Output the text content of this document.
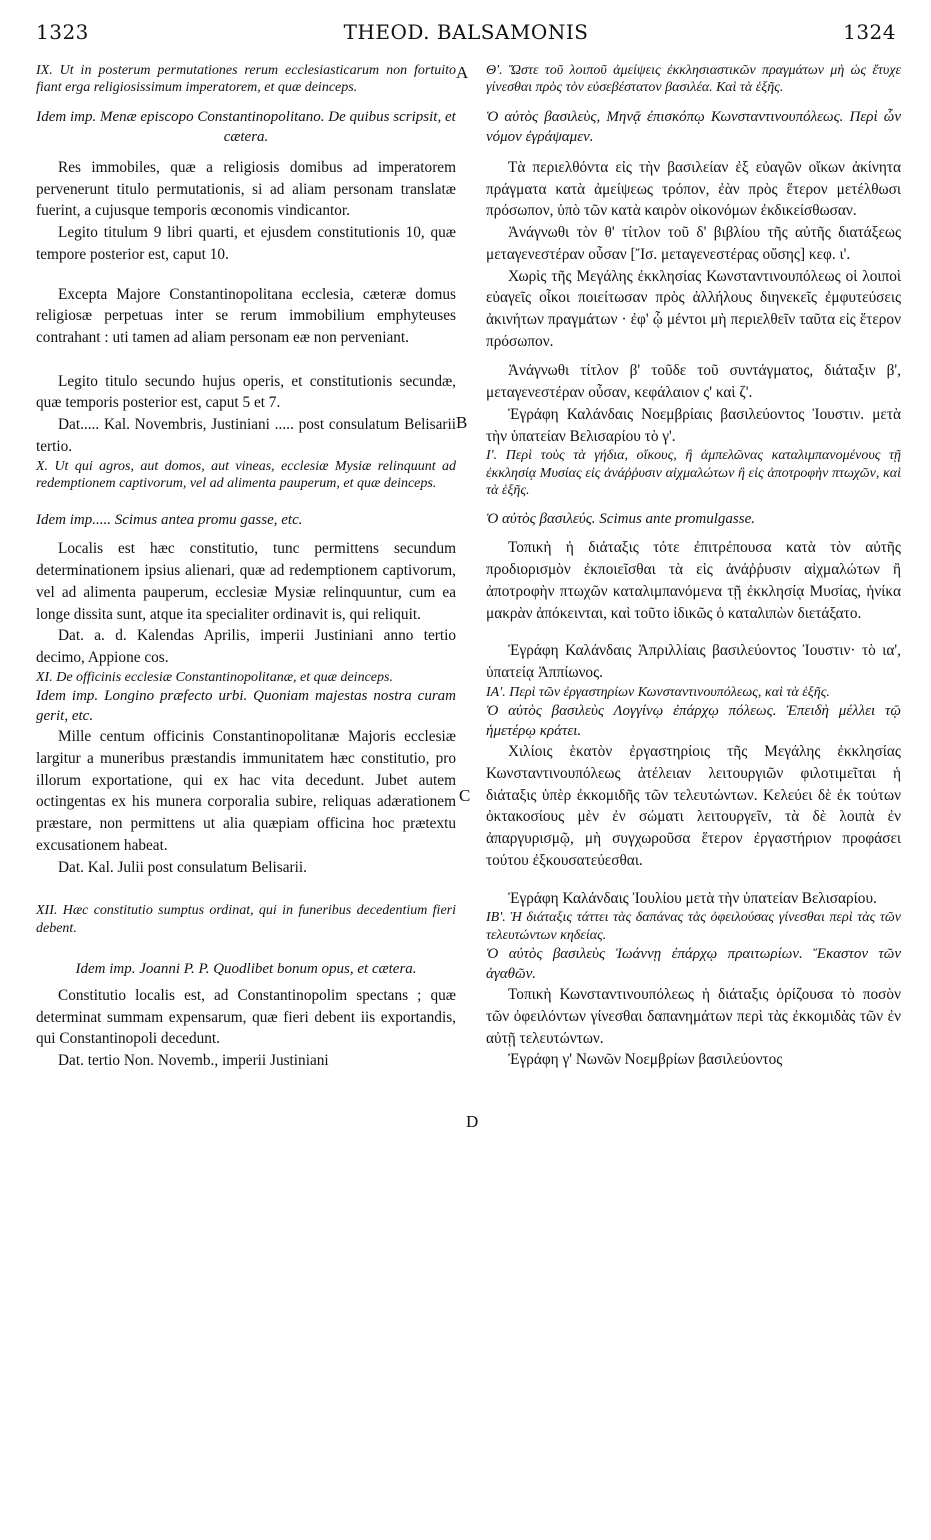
1323	THEOD. BALSAMONIS	1324
A
B
C
D

IX. Ut in posterum permutationes rerum ecclesiasticarum non fortuito fiant erga religiosissimum imperatorem, et quæ deinceps.

Idem imp. Menæ episcopo Constantinopolitano. De quibus scripsit, et cætera.

Res immobiles, quæ a religiosis domibus ad imperatorem pervenerunt titulo permutationis, si ad aliam personam translatæ fuerint, a cujusque temporis œconomis vindicantor.

Legito titulum 9 libri quarti, et ejusdem constitutionis 10, quæ tempore posterior est, caput 10.

Excepta Majore Constantinopolitana ecclesia, cæteræ domus religiosæ perpetuas inter se rerum immobilium emphyteuses contrahant : uti tamen ad aliam personam eæ non perveniant.

Legito titulo secundo hujus operis, et constitutionis secundæ, quæ temporis posterior est, caput 5 et 7.

Dat..... Kal. Novembris, Justiniani ..... post consulatum Belisarii tertio.

X. Ut qui agros, aut domos, aut vineas, ecclesiæ Mysiæ relinquunt ad redemptionem captivorum, vel ad alimenta pauperum, et quæ deinceps.

Idem imp..... Scimus antea promu gasse, etc.

Localis est hæc constitutio, tunc permittens secundum determinationem ipsius alienari, quæ ad redemptionem captivorum, vel ad alimenta pauperum, ecclesiæ Mysiæ relinquuntur, cum ea longe dissita sunt, atque ita specialiter ordinavit is, qui reliquit.

Dat. a. d. Kalendas Aprilis, imperii Justiniani anno tertio decimo, Appione cos.

XI. De officinis ecclesiæ Constantinopolitanæ, et quæ deinceps.

Idem imp. Longino præfecto urbi. Quoniam majestas nostra curam gerit, etc.

Mille centum officinis Constantinopolitanæ Majoris ecclesiæ largitur a muneribus præstandis immunitatem hæc constitutio, pro illorum exportatione, qui ex hac vita decedunt. Jubet autem octingentas ex his munera corporalia subire, reliquas adærationem præstare, non permittens ut alia quæpiam officina hoc prætextu excusationem habeat.

Dat. Kal. Julii post consulatum Belisarii.

XII. Hæc constitutio sumptus ordinat, qui in funeribus decedentium fieri debent.

Idem imp. Joanni P. P. Quodlibet bonum opus, et cætera.

Constitutio localis est, ad Constantinopolim spectans ; quæ determinat summam expensarum, quæ fieri debent iis exportandis, qui Constantinopoli decedunt.

Dat. tertio Non. Novemb., imperii Justiniani

Θ'. Ὥστε τοῦ λοιποῦ ἀμείψεις ἐκκλησιαστικῶν πραγμάτων μὴ ὡς ἔτυχε γίνεσθαι πρὸς τὸν εὐσεβέστατον βασιλέα. Καὶ τὰ ἑξῆς.

Ὁ αὐτὸς βασιλεὺς, Μηνᾷ ἐπισκόπῳ Κωνσταντινουπόλεως. Περὶ ὧν νόμον ἐγράψαμεν.

Τὰ περιελθόντα εἰς τὴν βασιλείαν ἐξ εὐαγῶν οἴκων ἀκίνητα πράγματα κατὰ ἀμείψεως τρόπον, ἐὰν πρὸς ἕτερον μετέλθωσι πρόσωπον, ὑπὸ τῶν κατὰ καιρὸν οἰκονόμων ἐκδικείσθωσαν.

Ἀνάγνωθι τὸν θ' τίτλον τοῦ δ' βιβλίου τῆς αὐτῆς διατάξεως μεταγενεστέραν οὖσαν [Ἴσ. μεταγενεστέρας οὔσης] κεφ. ι'.

Χωρὶς τῆς Μεγάλης ἐκκλησίας Κωνσταντινουπόλεως οἱ λοιποὶ εὐαγεῖς οἶκοι ποιείτωσαν πρὸς ἀλλήλους διηνεκεῖς ἐμφυτεύσεις ἀκινήτων πραγμάτων · ἐφ' ᾧ μέντοι μὴ περιελθεῖν ταῦτα εἰς ἕτερον πρόσωπον.

Ἀνάγνωθι τίτλον β' τοῦδε τοῦ συντάγματος, διάταξιν β', μεταγενεστέραν οὖσαν, κεφάλαιον ς' καὶ ζ'.

Ἐγράφη Καλάνδαις Νοεμβρίαις βασιλεύοντος Ἰουστιν. μετὰ τὴν ὑπατείαν Βελισαρίου τὸ γ'.

Ι'. Περὶ τοὺς τὰ γήδια, οἴκους, ἢ ἀμπελῶνας καταλιμπανομένους τῇ ἐκκλησίᾳ Μυσίας εἰς ἀνάῤῥυσιν αἰχμαλώτων ἢ εἰς ἀποτροφὴν πτωχῶν, καὶ τὰ ἑξῆς.

Ὁ αὐτὸς βασιλεύς. Scimus ante promulgasse.

Τοπικὴ ἡ διάταξις τότε ἐπιτρέπουσα κατὰ τὸν αὐτῆς προδιορισμὸν ἐκποιεῖσθαι τὰ εἰς ἀνάῤῥυσιν αἰχμαλώτων ἢ ἀποτροφὴν πτωχῶν καταλιμπανόμενα τῇ ἐκκλησίᾳ Μυσίας, ἡνίκα μακρὰν ἀπόκεινται, καὶ τοῦτο ἰδικῶς ὁ καταλιπὼν διετάξατο.

Ἐγράφη Καλάνδαις Ἀπριλλίαις βασιλεύοντος Ἰουστιν· τὸ ια', ὑπατείᾳ Ἀππίωνος.

ΙΑ'. Περὶ τῶν ἐργαστηρίων Κωνσταντινουπόλεως, καὶ τὰ ἑξῆς.

Ὁ αὐτὸς βασιλεὺς Λογγίνῳ ἐπάρχῳ πόλεως. Ἐπειδὴ μέλλει τῷ ἡμετέρῳ κράτει.

Χιλίοις ἑκατὸν ἐργαστηρίοις τῆς Μεγάλης ἐκκλησίας Κωνσταντινουπόλεως ἀτέλειαν λειτουργιῶν φιλοτιμεῖται ἡ διάταξις ὑπὲρ ἐκκομιδῆς τῶν τελευτώντων. Κελεύει δὲ ἐκ τούτων ὀκτακοσίους μὲν ἐν σώματι λειτουργεῖν, τὰ δὲ λοιπὰ ἐν ἀπαργυρισμῷ, μὴ συγχωροῦσα ἕτερον ἐργαστήριον προφάσει τούτου ἐξκουσατεύεσθαι.

Ἐγράφη Καλάνδαις Ἰουλίου μετὰ τὴν ὑπατείαν Βελισαρίου.

ΙΒ'. Ἡ διάταξις τάττει τὰς δαπάνας τὰς ὀφειλούσας γίνεσθαι περὶ τὰς τῶν τελευτώντων κηδείας.

Ὁ αὐτὸς βασιλεὺς Ἰωάννῃ ἐπάρχῳ πραιτωρίων. Ἕκαστον τῶν ἀγαθῶν.

Τοπικὴ Κωνσταντινουπόλεως ἡ διάταξις ὁρίζουσα τὸ ποσὸν τῶν ὀφειλόντων γίνεσθαι δαπανημάτων περὶ τὰς ἐκκομιδὰς τῶν ἐν αὐτῇ τελευτώντων.

Ἐγράφη γ' Νωνῶν Νοεμβρίων βασιλεύοντος
